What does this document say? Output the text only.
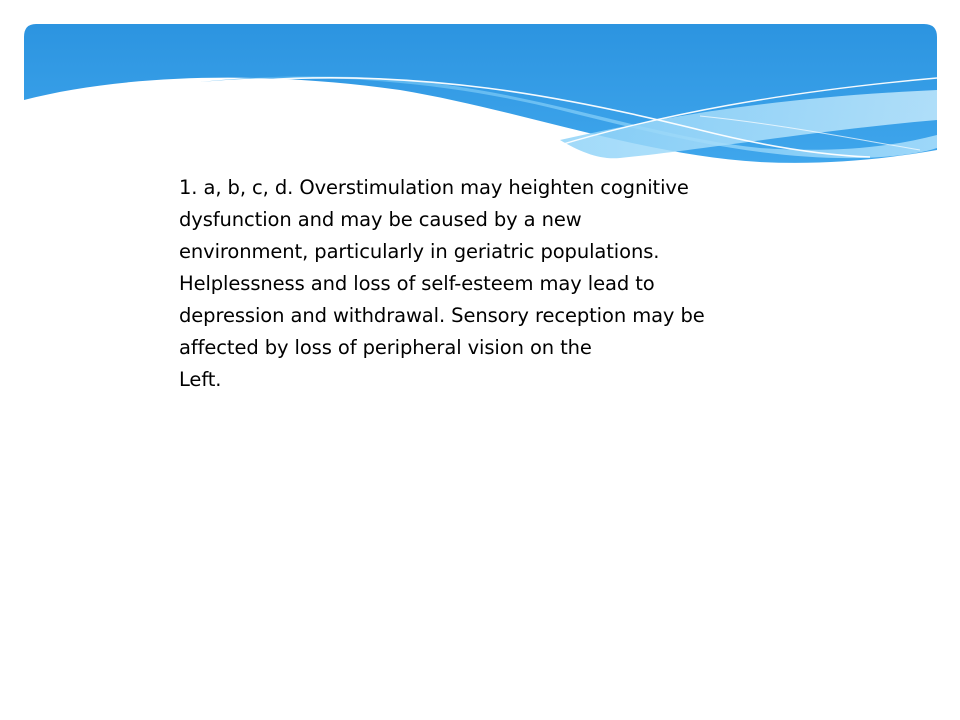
1. a, b, c, d. Overstimulation may heighten cognitive
dysfunction and may be caused by a new
environment, particularly in geriatric populations.
Helplessness and loss of self-esteem may lead to
depression and withdrawal. Sensory reception may be
affected by loss of peripheral vision on the
Left.
